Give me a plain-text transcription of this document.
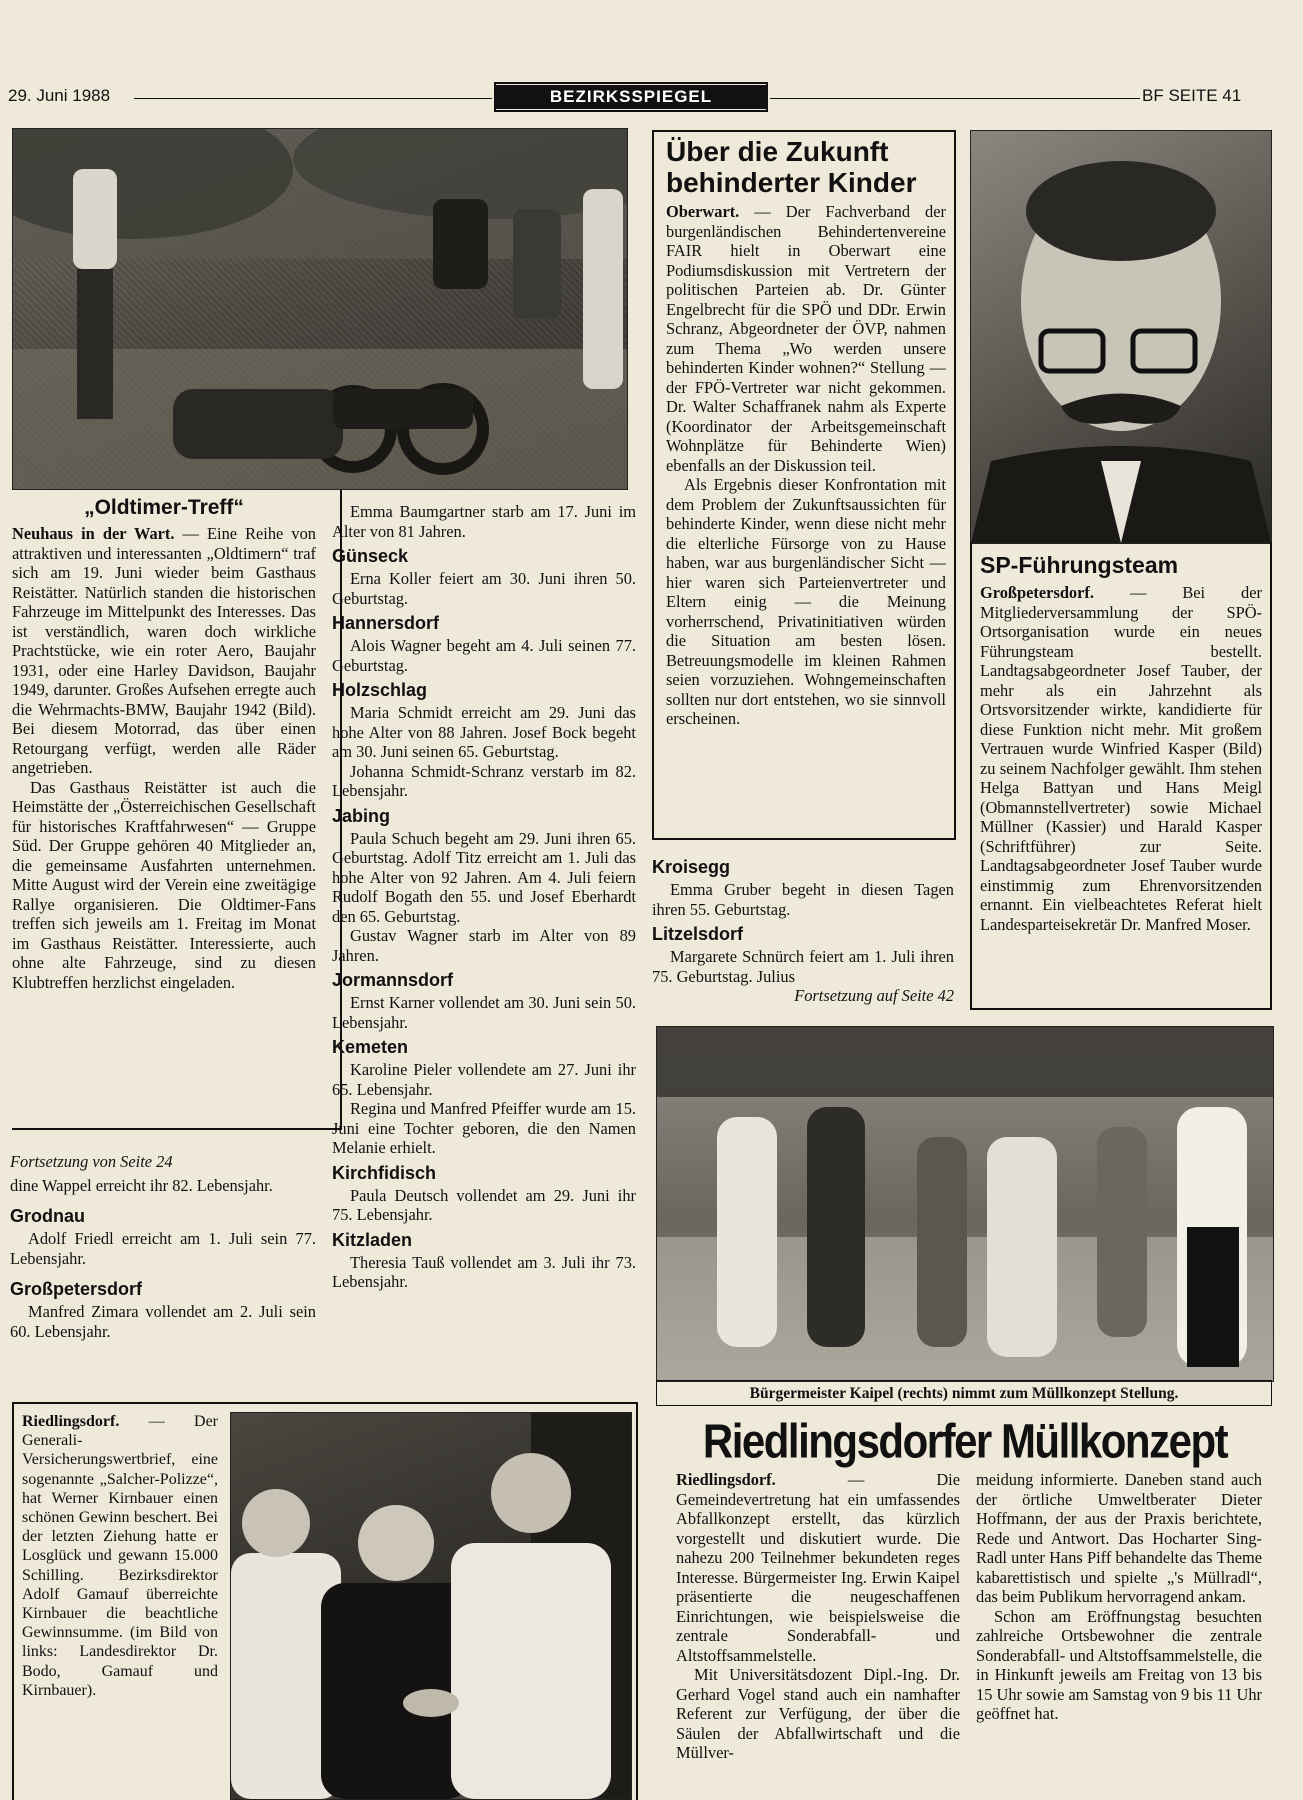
29. Juni 1988	BEZIRKSSPIEGEL	BF SEITE 41
„Oldtimer-Treff“

Neuhaus in der Wart. — Eine Reihe von attraktiven und interessanten „Oldtimern“ traf sich am 19. Juni wieder beim Gasthaus Reistätter. Natürlich standen die historischen Fahrzeuge im Mittelpunkt des Interesses. Das ist verständlich, waren doch wirkliche Prachtstücke, wie ein roter Aero, Baujahr 1931, oder eine Harley Davidson, Baujahr 1949, darunter. Großes Aufsehen erregte auch die Wehrmachts-BMW, Baujahr 1942 (Bild). Bei diesem Motorrad, das über einen Retourgang verfügt, werden alle Räder angetrieben.

Das Gasthaus Reistätter ist auch die Heimstätte der „Österreichischen Gesellschaft für historisches Kraftfahrwesen“ — Gruppe Süd. Der Gruppe gehören 40 Mitglieder an, die gemeinsame Ausfahrten unternehmen. Mitte August wird der Verein eine zweitägige Rallye organisieren. Die Oldtimer-Fans treffen sich jeweils am 1. Freitag im Monat im Gasthaus Reistätter. Interessierte, auch ohne alte Fahrzeuge, sind zu diesen Klubtreffen herzlichst eingeladen.

Fortsetzung von Seite 24

dine Wappel erreicht ihr 82. Lebensjahr.

Grodnau

Adolf Friedl erreicht am 1. Juli sein 77. Lebensjahr.

Großpetersdorf

Manfred Zimara vollendet am 2. Juli sein 60. Lebensjahr.

Emma Baumgartner starb am 17. Juni im Alter von 81 Jahren.

Günseck

Erna Koller feiert am 30. Juni ihren 50. Geburtstag.

Hannersdorf

Alois Wagner begeht am 4. Juli seinen 77. Geburtstag.

Holzschlag

Maria Schmidt erreicht am 29. Juni das hohe Alter von 88 Jahren. Josef Bock begeht am 30. Juni seinen 65. Geburtstag.

Johanna Schmidt-Schranz verstarb im 82. Lebensjahr.

Jabing

Paula Schuch begeht am 29. Juni ihren 65. Geburtstag. Adolf Titz erreicht am 1. Juli das hohe Alter von 92 Jahren. Am 4. Juli feiern Rudolf Bogath den 55. und Josef Eberhardt den 65. Geburtstag.

Gustav Wagner starb im Alter von 89 Jahren.

Jormannsdorf

Ernst Karner vollendet am 30. Juni sein 50. Lebensjahr.

Kemeten

Karoline Pieler vollendete am 27. Juni ihr 65. Lebensjahr.

Regina und Manfred Pfeiffer wurde am 15. Juni eine Tochter geboren, die den Namen Melanie erhielt.

Kirchfidisch

Paula Deutsch vollendet am 29. Juni ihr 75. Lebensjahr.

Kitzladen

Theresia Tauß vollendet am 3. Juli ihr 73. Lebensjahr.

Über die Zukunft behinderter Kinder

Oberwart. — Der Fachverband der burgenländischen Behindertenvereine FAIR hielt in Oberwart eine Podiumsdiskussion mit Vertretern der politischen Parteien ab. Dr. Günter Engelbrecht für die SPÖ und DDr. Erwin Schranz, Abgeordneter der ÖVP, nahmen zum Thema „Wo werden unsere behinderten Kinder wohnen?“ Stellung — der FPÖ-Vertreter war nicht gekommen. Dr. Walter Schaffranek nahm als Experte (Koordinator der Arbeitsgemeinschaft Wohnplätze für Behinderte Wien) ebenfalls an der Diskussion teil.

Als Ergebnis dieser Konfrontation mit dem Problem der Zukunftsaussichten für behinderte Kinder, wenn diese nicht mehr die elterliche Fürsorge von zu Hause haben, war aus burgenländischer Sicht — hier waren sich Parteienvertreter und Eltern einig — die Meinung vorherrschend, Privatinitiativen würden die Situation am besten lösen. Betreuungsmodelle im kleinen Rahmen seien vorzuziehen. Wohngemeinschaften sollten nur dort entstehen, wo sie sinnvoll erscheinen.

Kroisegg

Emma Gruber begeht in diesen Tagen ihren 55. Geburtstag.

Litzelsdorf

Margarete Schnürch feiert am 1. Juli ihren 75. Geburtstag. Julius

Fortsetzung auf Seite 42

SP-Führungsteam

Großpetersdorf. — Bei der Mitgliederversammlung der SPÖ-Ortsorganisation wurde ein neues Führungsteam bestellt. Landtagsabgeordneter Josef Tauber, der mehr als ein Jahrzehnt als Ortsvorsitzender wirkte, kandidierte für diese Funktion nicht mehr. Mit großem Vertrauen wurde Winfried Kasper (Bild) zu seinem Nachfolger gewählt. Ihm stehen Helga Battyan und Hans Meigl (Obmannstellvertreter) sowie Michael Müllner (Kassier) und Harald Kasper (Schriftführer) zur Seite. Landtagsabgeordneter Josef Tauber wurde einstimmig zum Ehrenvorsitzenden ernannt. Ein vielbeachtetes Referat hielt Landesparteisekretär Dr. Manfred Moser.

Bürgermeister Kaipel (rechts) nimmt zum Müllkonzept Stellung.
Riedlingsdorfer Müllkonzept

Riedlingsdorf.	— Die Gemeindevertretung hat ein umfassendes Abfallkonzept erstellt, das kürzlich vorgestellt und diskutiert wurde. Die nahezu 200 Teilnehmer bekundeten reges Interesse. Bürgermeister Ing. Erwin Kaipel präsentierte die neugeschaffenen Einrichtungen, wie beispielsweise die zentrale Sonderabfall- und Altstoffsammelstelle.

Mit Universitätsdozent Dipl.-Ing. Dr. Gerhard Vogel stand auch ein namhafter Referent zur Verfügung, der über die Säulen der Abfallwirtschaft und die Müllver-

meidung informierte. Daneben stand auch der örtliche Umweltberater Dieter Hoffmann, der aus der Praxis berichtete, Rede und Antwort. Das Hocharter Sing-Radl unter Hans Piff behandelte das Theme kabarettistisch und spielte „'s Müllradl“, das beim Publikum hervorragend ankam.

Schon am Eröffnungstag besuchten zahlreiche Ortsbewohner die zentrale Sonderabfall- und Altstoffsammelstelle, die in Hinkunft jeweils am Freitag von 13 bis 15 Uhr sowie am Samstag von 9 bis 11 Uhr geöffnet hat.

Riedlingsdorf. — Der Generali-Versicherungswertbrief, eine sogenannte „Salcher-Polizze“, hat Werner Kirnbauer einen schönen Gewinn beschert. Bei der letzten Ziehung hatte er Losglück und gewann 15.000 Schilling. Bezirksdirektor Adolf Gamauf überreichte Kirnbauer die beachtliche Gewinnsumme. (im Bild von links: Landesdirektor Dr. Bodo, Gamauf und Kirnbauer).
